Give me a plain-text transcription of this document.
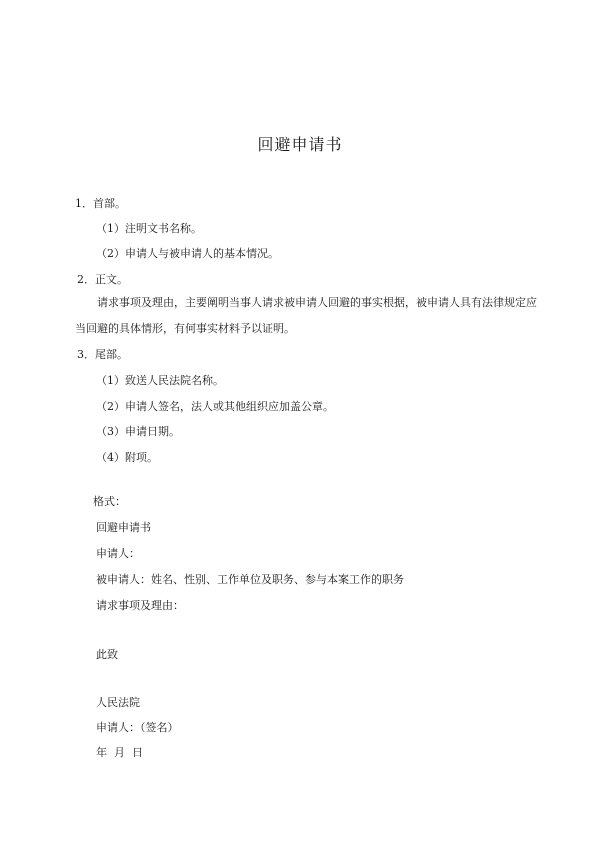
回避申请书
1．首部。
（1）注明文书名称。
（2）申请人与被申请人的基本情况。
2．正文。
请求事项及理由，主要阐明当事人请求被申请人回避的事实根据，被申请人具有法律规定应当回避的具体情形，有何事实材料予以证明。
3．尾部。
（1）致送人民法院名称。
（2）申请人签名，法人或其他组织应加盖公章。
（3）申请日期。
（4）附项。
格式：
回避申请书
申请人：
被申请人：姓名、性别、工作单位及职务、参与本案工作的职务
请求事项及理由：
此致
人民法院
申请人：（签名）
年  月  日
